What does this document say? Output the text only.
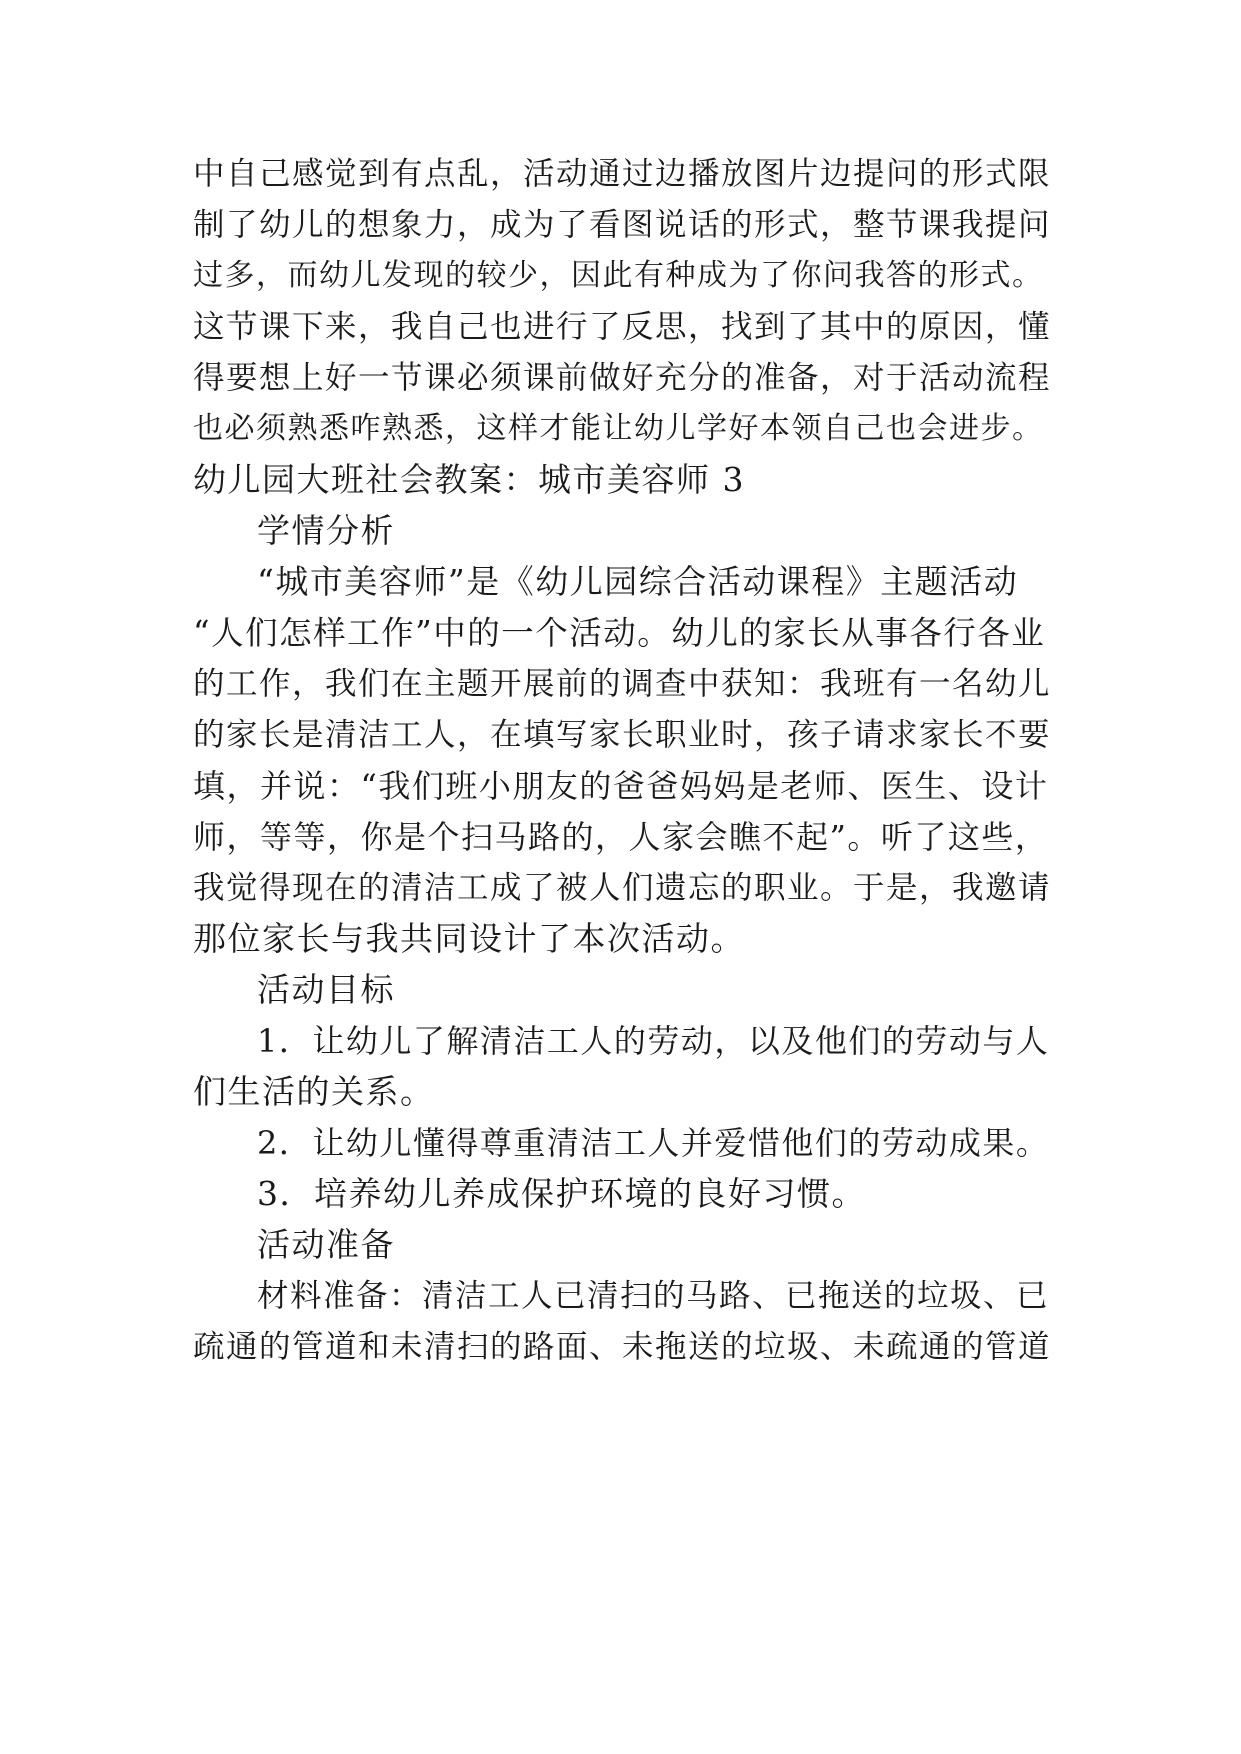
中自己感觉到有点乱，活动通过边播放图片边提问的形式限
制了幼儿的想象力，成为了看图说话的形式，整节课我提问
过多，而幼儿发现的较少，因此有种成为了你问我答的形式。
这节课下来，我自己也进行了反思，找到了其中的原因，懂
得要想上好一节课必须课前做好充分的准备，对于活动流程
也必须熟悉咋熟悉，这样才能让幼儿学好本领自己也会进步。
幼儿园大班社会教案：城市美容师 3
学情分析
“城市美容师”是《幼儿园综合活动课程》主题活动
“人们怎样工作”中的一个活动。幼儿的家长从事各行各业
的工作，我们在主题开展前的调查中获知：我班有一名幼儿
的家长是清洁工人，在填写家长职业时，孩子请求家长不要
填，并说：“我们班小朋友的爸爸妈妈是老师、医生、设计
师，等等，你是个扫马路的，人家会瞧不起”。听了这些，
我觉得现在的清洁工成了被人们遗忘的职业。于是，我邀请
那位家长与我共同设计了本次活动。
活动目标
1．让幼儿了解清洁工人的劳动，以及他们的劳动与人
们生活的关系。
2．让幼儿懂得尊重清洁工人并爱惜他们的劳动成果。
3．培养幼儿养成保护环境的良好习惯。
活动准备
材料准备：清洁工人已清扫的马路、已拖送的垃圾、已
疏通的管道和未清扫的路面、未拖送的垃圾、未疏通的管道
